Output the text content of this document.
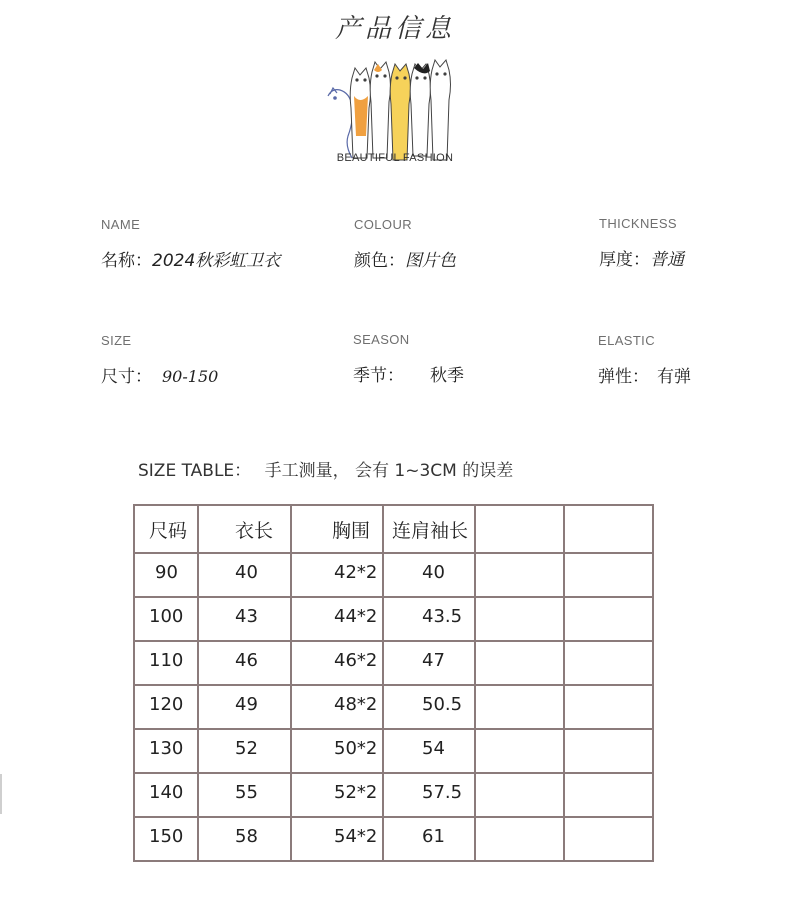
产品信息
BEAUTIFUL FASHION
NAME
名称：2024秋彩虹卫衣
COLOUR
颜色：图片色
THICKNESS
厚度：普通
SIZE
尺寸： 90-150
SEASON
季节： 秋季
ELASTIC
弹性： 有弹
SIZE TABLE： 手工测量， 会有 1~3CM 的误差
尺码	衣长	胸围	连肩袖长		
90	40	42*2	40		
100	43	44*2	43.5		
110	46	46*2	47		
120	49	48*2	50.5		
130	52	50*2	54		
140	55	52*2	57.5		
150	58	54*2	61		
